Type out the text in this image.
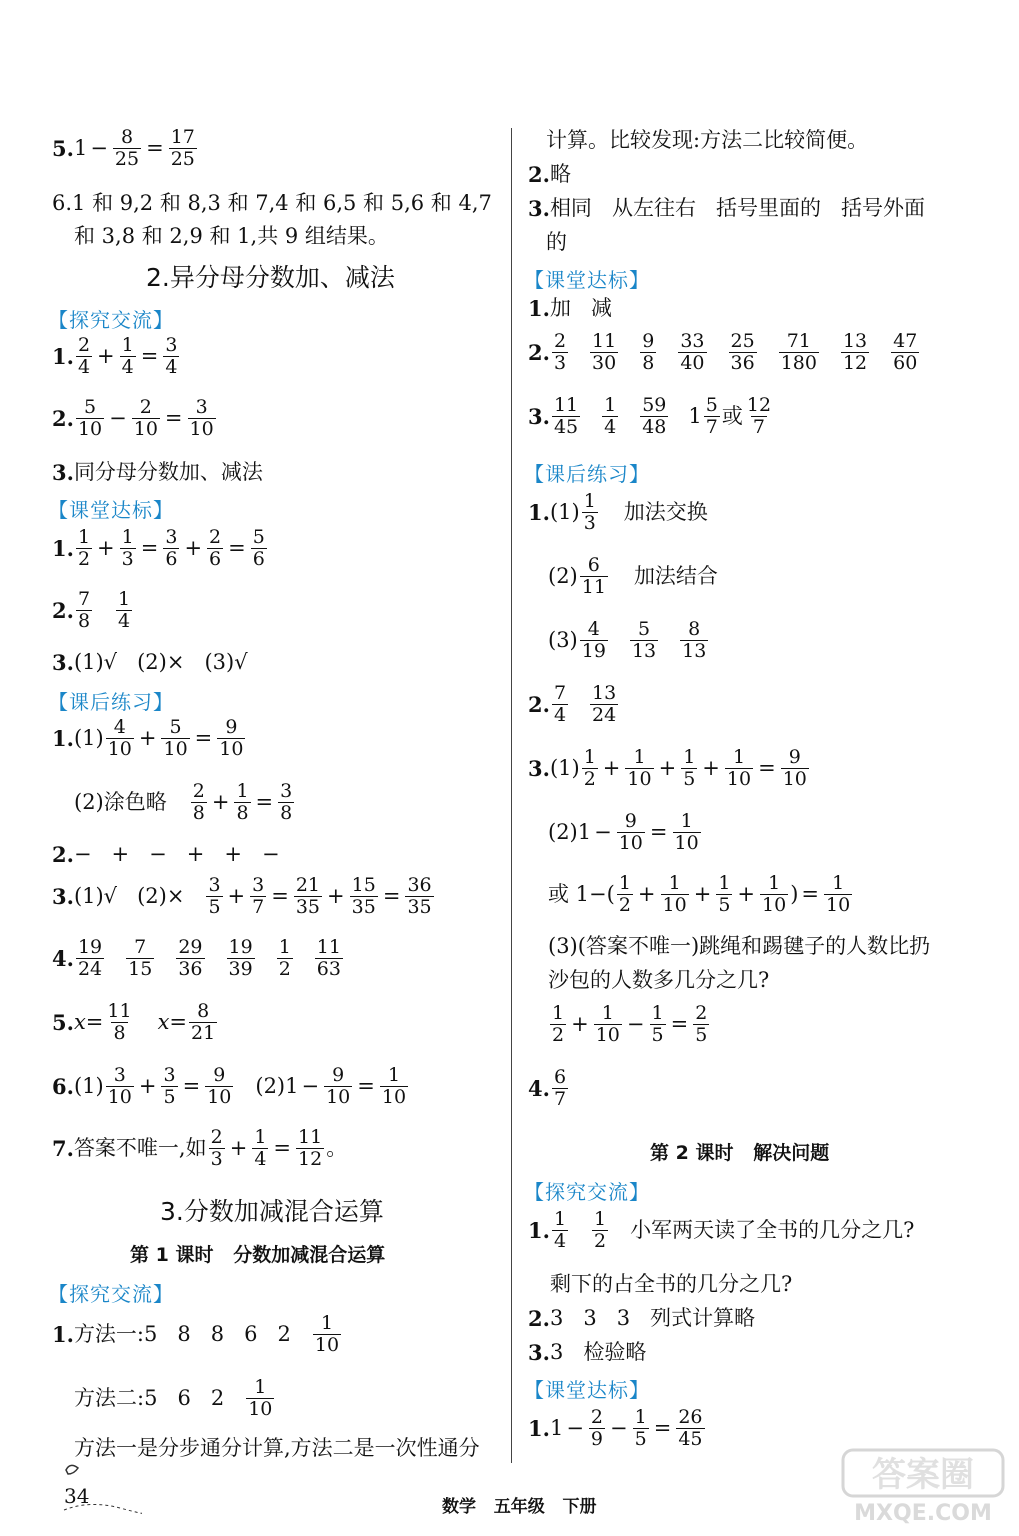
5. $1 - \frac{8}{25} = \frac{17}{25}$
6.1 和 9,2 和 8,3 和 7,4 和 6,5 和 5,6 和 4,7
和 3,8 和 2,9 和 1,共 9 组结果。
2.异分母分数加、减法
【探究交流】
1. 2
$4 + \frac{1}{4} = \frac{3}{4}$
2. 5
$10 - \frac{2}{10} = \frac{3}{10}$
3. 同分母分数加、减法
【课堂达标】
1. 1
$2 + \frac{1}{3} = \frac{3}{6} + \frac{2}{6} = \frac{5}{6}$
2. 7
8
1
4
3. (1)√   (2)×   (3)√
【课后练习】
1. (1) 4
$10 + \frac{5}{10} = \frac{9}{10}$
(2)涂色略 2
$8 + \frac{1}{8} = \frac{3}{8}$
2. −   +   −   +   +   −
3. (1)√   (2)× 3
$5 + \frac{3}{7} = \frac{21}{35} + \frac{15}{35} = \frac{36}{35}$
4. 19
24
7
15
29
36
19
39
1
2
11
63
5. $x= \frac{11}{8} x= \frac{8}{21}$
6. (1) 3
$10 + \frac{3}{5} = \frac{9}{10} (2)1 - \frac{9}{10} = \frac{1}{10}$
7. 答案不唯一,如 2
$3 + \frac{1}{4} = \frac{11}{12}$ 。
3.分数加减混合运算
第 1 课时   分数加减混合运算
【探究交流】
1. 方法一:5   8   8   6   2 1
10
方法二:5   6   2 1
10
方法一是分步通分计算,方法二是一次性通分
计算。比较发现:方法二比较简便。
2. 略
3. 相同   从左往右   括号里面的   括号外面
的
【课堂达标】
1. 加   减
2. 2
3
11
30
9
8
33
40
25
36
71
180
13
12
47
60
3. 11
45
1
4
59
48 1 5
7 或 12
7
【课后练习】
1. (1) 1
3 加法交换
(2) 6
11 加法结合
(3) 4
19
5
13
8
13
2. 7
4
13
24
3. (1) 1
$2 + \frac{1}{10} + \frac{1}{5} + \frac{1}{10} = \frac{9}{10}$
$(2)1 - \frac{9}{10} = \frac{1}{10}$
或 1−( 1
$2 + \frac{1}{10} + \frac{1}{5} + \frac{1}{10}$ ) = $\frac{1}{10}$
(3)(答案不唯一)跳绳和踢毽子的人数比扔
沙包的人数多几分之几?
1
$2 + \frac{1}{10} - \frac{1}{5} = \frac{2}{5}$
4. 6
7
第 2 课时   解决问题
【探究交流】
1. 1
4
1
2 小军两天读了全书的几分之几?
剩下的占全书的几分之几?
2. 3   3   3   列式计算略
3. 3   检验略
【课堂达标】
1. $1 - \frac{2}{9} - \frac{1}{5} = \frac{26}{45}$
34	数学   五年级   下册
答案圈
MXQE.COM
